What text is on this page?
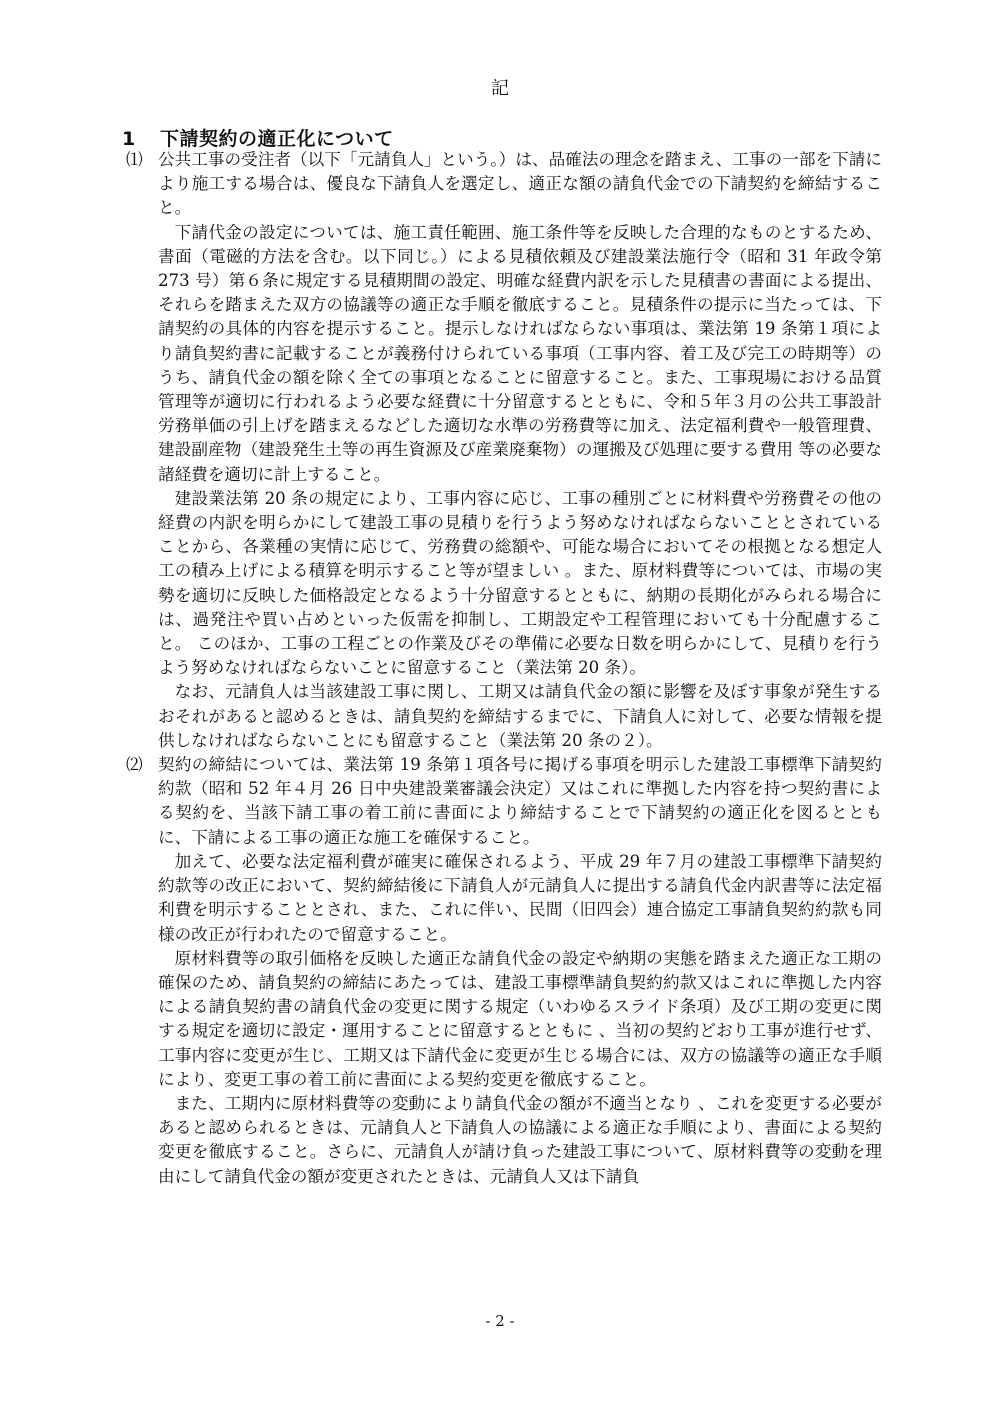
記
1 下請契約の適正化について

⑴ 公共工事の受注者（以下「元請負人」という。）は、品確法の理念を踏まえ、工事の一部を下請により施工する場合は、優良な下請負人を選定し、適正な額の請負代金での下請契約を締結すること。

下請代金の設定については、施工責任範囲、施工条件等を反映した合理的なものとするため、書面（電磁的方法を含む。以下同じ。）による見積依頼及び建設業法施行令（昭和 31 年政令第 273 号）第６条に規定する見積期間の設定、明確な経費内訳を示した見積書の書面による提出、それらを踏まえた双方の協議等の適正な手順を徹底すること。見積条件の提示に当たっては、下請契約の具体的内容を提示すること。提示しなければならない事項は、業法第 19 条第１項により請負契約書に記載することが義務付けられている事項（工事内容、着工及び完工の時期等）のうち、請負代金の額を除く全ての事項となることに留意すること。また、工事現場における品質管理等が適切に行われるよう必要な経費に十分留意するとともに、令和５年３月の公共工事設計労務単価の引上げを踏まえるなどした適切な水準の労務費等に加え、法定福利費や一般管理費、建設副産物（建設発生土等の再生資源及び産業廃棄物）の運搬及び処理に要する費用 等の必要な諸経費を適切に計上すること。

建設業法第 20 条の規定により、工事内容に応じ、工事の種別ごとに材料費や労務費その他の経費の内訳を明らかにして建設工事の見積りを行うよう努めなければならないこととされていることから、各業種の実情に応じて、労務費の総額や、可能な場合においてその根拠となる想定人工の積み上げによる積算を明示すること等が望ましい 。また、原材料費等については、市場の実勢を適切に反映した価格設定となるよう十分留意するとともに、納期の長期化がみられる場合には、過発注や買い占めといった仮需を抑制し、工期設定や工程管理においても十分配慮すること。 このほか、工事の工程ごとの作業及びその準備に必要な日数を明らかにして、見積りを行うよう努めなければならないことに留意すること（業法第 20 条）。

なお、元請負人は当該建設工事に関し、工期又は請負代金の額に影響を及ぼす事象が発生するおそれがあると認めるときは、請負契約を締結するまでに、下請負人に対して、必要な情報を提供しなければならないことにも留意すること（業法第 20 条の２）。

⑵ 契約の締結については、業法第 19 条第１項各号に掲げる事項を明示した建設工事標準下請契約約款（昭和 52 年４月 26 日中央建設業審議会決定）又はこれに準拠した内容を持つ契約書による契約を、当該下請工事の着工前に書面により締結することで下請契約の適正化を図るとともに、下請による工事の適正な施工を確保すること。

加えて、必要な法定福利費が確実に確保されるよう、平成 29 年７月の建設工事標準下請契約約款等の改正において、契約締結後に下請負人が元請負人に提出する請負代金内訳書等に法定福利費を明示することとされ、また、これに伴い、民間（旧四会）連合協定工事請負契約約款も同様の改正が行われたので留意すること。

原材料費等の取引価格を反映した適正な請負代金の設定や納期の実態を踏まえた適正な工期の確保のため、請負契約の締結にあたっては、建設工事標準請負契約約款又はこれに準拠した内容による請負契約書の請負代金の変更に関する規定（いわゆるスライド条項）及び工期の変更に関する規定を適切に設定・運用することに留意するとともに 、当初の契約どおり工事が進行せず、工事内容に変更が生じ、工期又は下請代金に変更が生じる場合には、双方の協議等の適正な手順により、変更工事の着工前に書面による契約変更を徹底すること。

また、工期内に原材料費等の変動により請負代金の額が不適当となり 、これを変更する必要があると認められるときは、元請負人と下請負人の協議による適正な手順により、書面による契約変更を徹底すること。さらに、元請負人が請け負った建設工事について、原材料費等の変動を理由にして請負代金の額が変更されたときは、元請負人又は下請負

- 2 -
